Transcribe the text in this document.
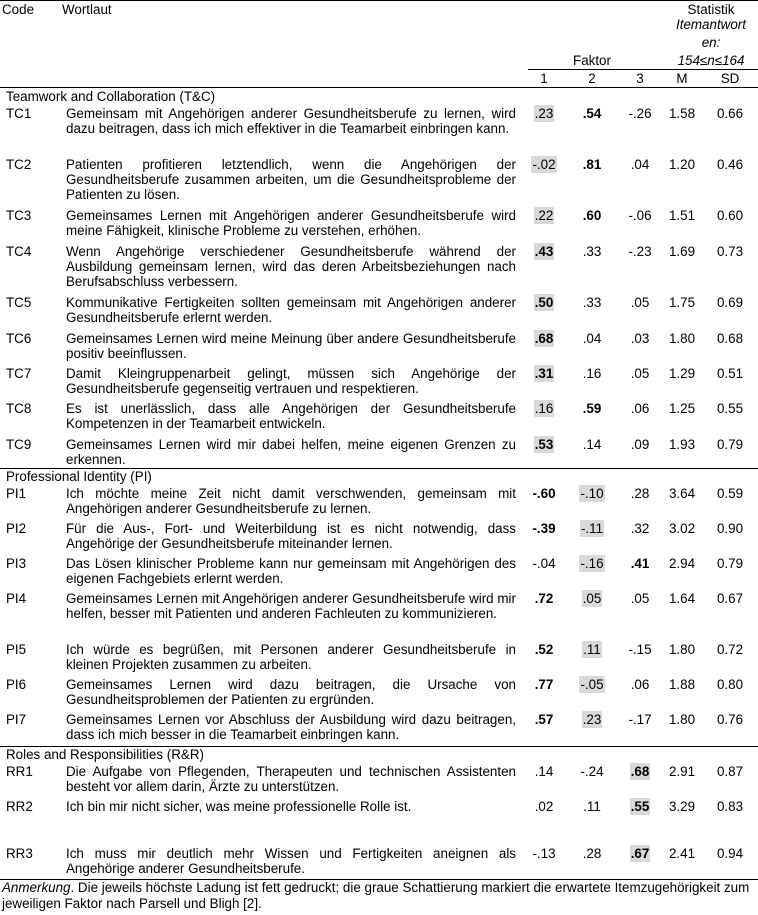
Code Wortlaut	Statistik
Itemantwort
en:
154≤n≤164
Faktor
1	2	3	M	SD
Teamwork and Collaboration (T&C)
TC1	Gemeinsam mit Angehörigen anderer Gesundheitsberufe zu lernen, wird dazu beitragen, dass ich mich effektiver in die Teamarbeit einbringen kann.
.23	.54	-.26	1.58	0.66
TC2	Patienten profitieren letztendlich, wenn die Angehörigen der Gesundheitsberufe zusammen arbeiten, um die Gesundheitsprobleme der Patienten zu lösen.
-.02	.81	.04	1.20	0.46
TC3	Gemeinsames Lernen mit Angehörigen anderer Gesundheitsberufe wird meine Fähigkeit, klinische Probleme zu verstehen, erhöhen.
.22	.60	-.06	1.51	0.60
TC4	Wenn Angehörige verschiedener Gesundheitsberufe während der Ausbildung gemeinsam lernen, wird das deren Arbeitsbeziehungen nach Berufsabschluss verbessern.
.43	.33	-.23	1.69	0.73
TC5	Kommunikative Fertigkeiten sollten gemeinsam mit Angehörigen anderer Gesundheitsberufe erlernt werden.
.50	.33	.05	1.75	0.69
TC6	Gemeinsames Lernen wird meine Meinung über andere Gesundheitsberufe positiv beeinflussen.
.68	.04	.03	1.80	0.68
TC7	Damit Kleingruppenarbeit gelingt, müssen sich Angehörige der Gesundheitsberufe gegenseitig vertrauen und respektieren.
.31	.16	.05	1.29	0.51
TC8	Es ist unerlässlich, dass alle Angehörigen der Gesundheitsberufe Kompetenzen in der Teamarbeit entwickeln.
.16	.59	.06	1.25	0.55
TC9	Gemeinsames Lernen wird mir dabei helfen, meine eigenen Grenzen zu erkennen.
.53	.14	.09	1.93	0.79
Professional Identity (PI)
PI1	Ich möchte meine Zeit nicht damit verschwenden, gemeinsam mit Angehörigen anderer Gesundheitsberufe zu lernen.
-.60	-.10	.28	3.64	0.59
PI2	Für die Aus-, Fort- und Weiterbildung ist es nicht notwendig, dass Angehörige der Gesundheitsberufe miteinander lernen.
-.39	-.11	.32	3.02	0.90
PI3	Das Lösen klinischer Probleme kann nur gemeinsam mit Angehörigen des eigenen Fachgebiets erlernt werden.
-.04	-.16	.41	2.94	0.79
PI4	Gemeinsames Lernen mit Angehörigen anderer Gesundheitsberufe wird mir helfen, besser mit Patienten und anderen Fachleuten zu kommunizieren.
.72	.05	.05	1.64	0.67
PI5	Ich würde es begrüßen, mit Personen anderer Gesundheitsberufe in kleinen Projekten zusammen zu arbeiten.
.52	.11	-.15	1.80	0.72
PI6	Gemeinsames Lernen wird dazu beitragen, die Ursache von Gesundheitsproblemen der Patienten zu ergründen.
.77	-.05	.06	1.88	0.80
PI7	Gemeinsames Lernen vor Abschluss der Ausbildung wird dazu beitragen, dass ich mich besser in die Teamarbeit einbringen kann.
.57	.23	-.17	1.80	0.76
Roles and Responsibilities (R&R)
RR1 Die Aufgabe von Pflegenden, Therapeuten und technischen Assistenten besteht vor allem darin, Ärzte zu unterstützen.
.14	-.24	.68	2.91	0.87
RR2 Ich bin mir nicht sicher, was meine professionelle Rolle ist.	.02	.11	.55	3.29	0.83
RR3 Ich muss mir deutlich mehr Wissen und Fertigkeiten aneignen als Angehörige anderer Gesundheitsberufe.
-.13	.28	.67	2.41	0.94
Anmerkung. Die jeweils höchste Ladung ist fett gedruckt; die graue Schattierung markiert die erwartete Itemzugehörigkeit zum jeweiligen Faktor nach Parsell und Bligh [2].
